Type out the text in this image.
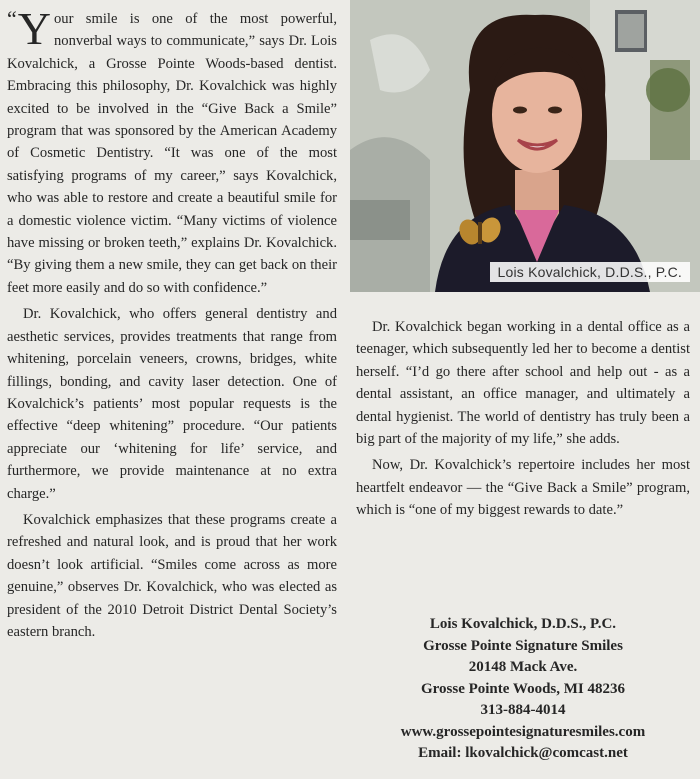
“ Y our smile is one of the most powerful, nonverbal ways to communicate,” says Dr. Lois Kovalchick, a Grosse Pointe Woods-based dentist. Embracing this philosophy, Dr. Kovalchick was highly excited to be involved in the “Give Back a Smile” program that was sponsored by the American Academy of Cosmetic Dentistry. “It was one of the most satisfying programs of my career,” says Kovalchick, who was able to restore and create a beautiful smile for a domestic violence victim. “Many victims of violence have missing or broken teeth,” explains Dr. Kovalchick. “By giving them a new smile, they can get back on their feet more easily and do so with confidence.”

Dr. Kovalchick, who offers general dentistry and aesthetic services, provides treatments that range from whitening, porcelain veneers, crowns, bridges, white fillings, bonding, and cavity laser detection. One of Kovalchick’s patients’ most popular requests is the effective “deep whitening” procedure. “Our patients appreciate our ‘whitening for life’ service, and furthermore, we provide maintenance at no extra charge.”

Kovalchick emphasizes that these programs create a refreshed and natural look, and is proud that her work doesn’t look artificial. “Smiles come across as more genuine,” observes Dr. Kovalchick, who was elected as president of the 2010 Detroit District Dental Society’s eastern branch.

Lois Kovalchick, D.D.S., P.C.

Dr. Kovalchick began working in a dental office as a teenager, which subsequently led her to become a dentist herself. “I’d go there after school and help out - as a dental assistant, an office manager, and ultimately a dental hygienist. The world of dentistry has truly been a big part of the majority of my life,” she adds.

Now, Dr. Kovalchick’s repertoire includes her most heartfelt endeavor — the “Give Back a Smile” program, which is “one of my biggest rewards to date.”

Lois Kovalchick, D.D.S., P.C.
Grosse Pointe Signature Smiles
20148 Mack Ave.
Grosse Pointe Woods, MI 48236
313-884-4014
www.grossepointesignaturesmiles.com
Email: lkovalchick@comcast.net
